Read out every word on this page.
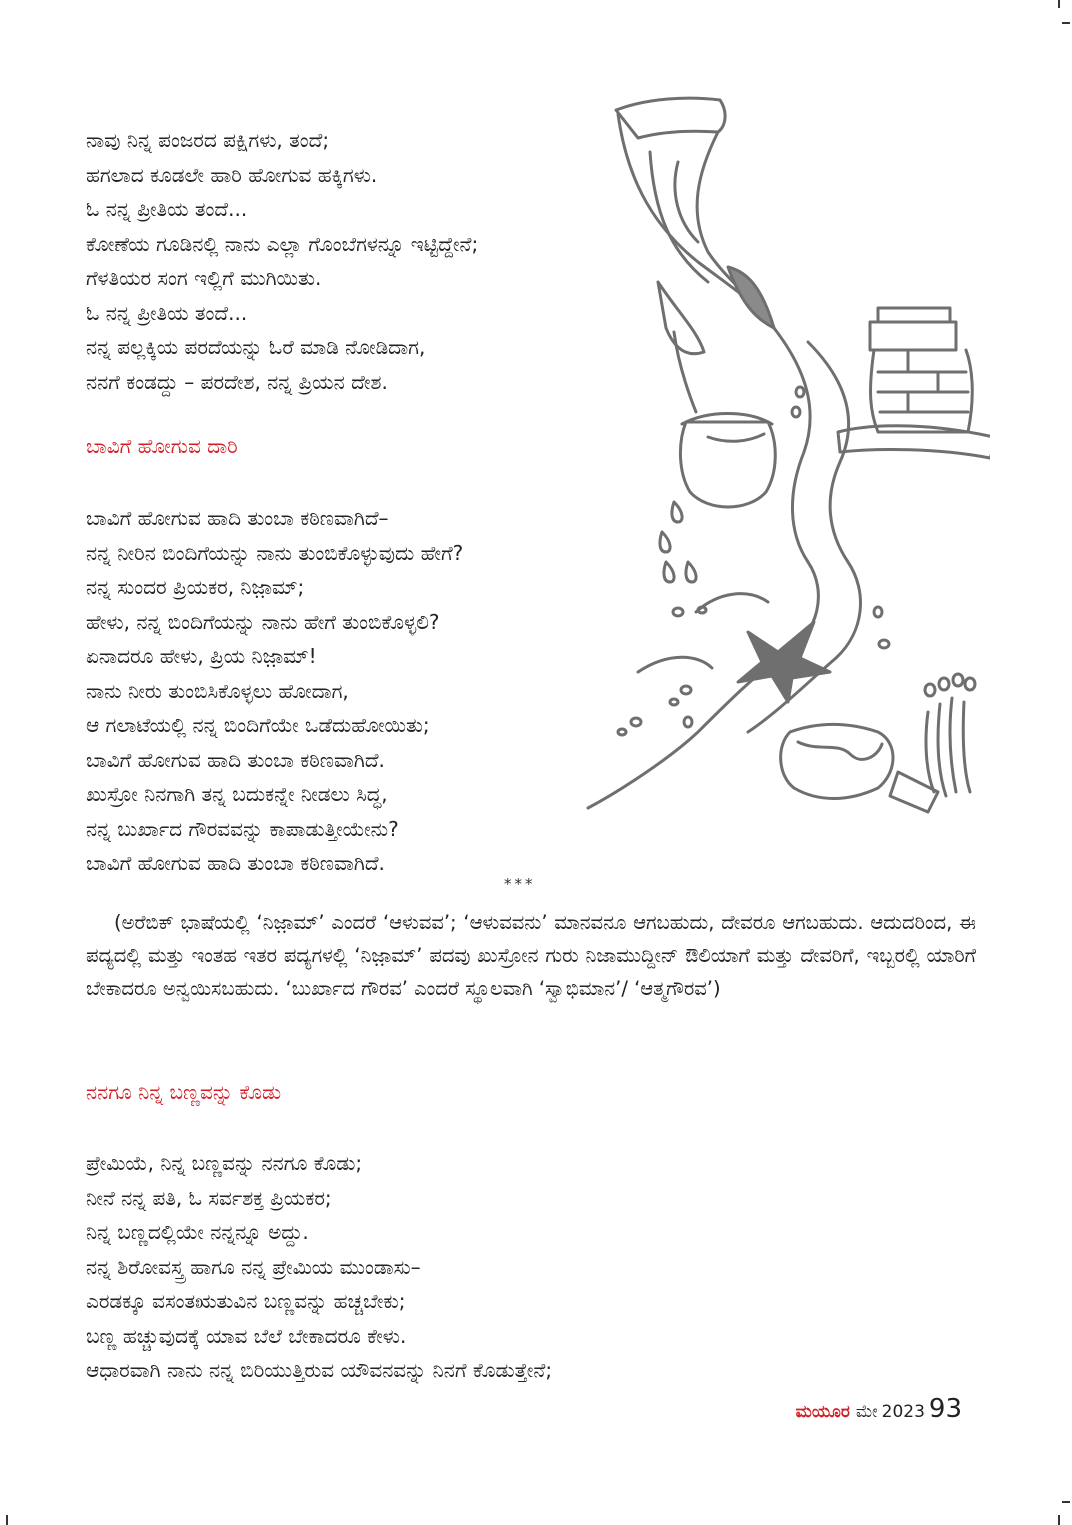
ನಾವು ನಿನ್ನ ಪಂಜರದ ಪಕ್ಷಿಗಳು, ತಂದೆ;
ಹಗಲಾದ ಕೂಡಲೇ ಹಾರಿ ಹೋಗುವ ಹಕ್ಕಿಗಳು.
ಓ ನನ್ನ ಪ್ರೀತಿಯ ತಂದೆ...
ಕೋಣೆಯ ಗೂಡಿನಲ್ಲಿ ನಾನು ಎಲ್ಲಾ ಗೊಂಬೆಗಳನ್ನೂ ಇಟ್ಟಿದ್ದೇನೆ;
ಗೆಳತಿಯರ ಸಂಗ ಇಲ್ಲಿಗೆ ಮುಗಿಯಿತು.
ಓ ನನ್ನ ಪ್ರೀತಿಯ ತಂದೆ...
ನನ್ನ ಪಲ್ಲಕ್ಕಿಯ ಪರದೆಯನ್ನು ಓರೆ ಮಾಡಿ ನೋಡಿದಾಗ,
ನನಗೆ ಕಂಡದ್ದು – ಪರದೇಶ, ನನ್ನ ಪ್ರಿಯನ ದೇಶ.
ಬಾವಿಗೆ ಹೋಗುವ ದಾರಿ
ಬಾವಿಗೆ ಹೋಗುವ ಹಾದಿ ತುಂಬಾ ಕಠಿಣವಾಗಿದೆ–
ನನ್ನ ನೀರಿನ ಬಿಂದಿಗೆಯನ್ನು ನಾನು ತುಂಬಿಕೊಳ್ಳುವುದು ಹೇಗೆ?
ನನ್ನ ಸುಂದರ ಪ್ರಿಯಕರ, ನಿಜ಼ಾಮ್;
ಹೇಳು, ನನ್ನ ಬಿಂದಿಗೆಯನ್ನು ನಾನು ಹೇಗೆ ತುಂಬಿಕೊಳ್ಳಲಿ?
ಏನಾದರೂ ಹೇಳು, ಪ್ರಿಯ ನಿಜ಼ಾಮ್!
ನಾನು ನೀರು ತುಂಬಿಸಿಕೊಳ್ಳಲು ಹೋದಾಗ,
ಆ ಗಲಾಟೆಯಲ್ಲಿ ನನ್ನ ಬಿಂದಿಗೆಯೇ ಒಡೆದುಹೋಯಿತು;
ಬಾವಿಗೆ ಹೋಗುವ ಹಾದಿ ತುಂಬಾ ಕಠಿಣವಾಗಿದೆ.
ಖುಸ್ರೋ ನಿನಗಾಗಿ ತನ್ನ ಬದುಕನ್ನೇ ನೀಡಲು ಸಿದ್ಧ,
ನನ್ನ ಬುರ್ಖಾದ ಗೌರವವನ್ನು ಕಾಪಾಡುತ್ತೀಯೇನು?
ಬಾವಿಗೆ ಹೋಗುವ ಹಾದಿ ತುಂಬಾ ಕಠಿಣವಾಗಿದೆ.
***

(ಅರೆಬಿಕ್ ಭಾಷೆಯಲ್ಲಿ ‘ನಿಜ಼ಾಮ್’ ಎಂದರೆ ‘ಆಳುವವ’; ‘ಆಳುವವನು’ ಮಾನವನೂ ಆಗಬಹುದು, ದೇವರೂ ಆಗಬಹುದು. ಆದುದರಿಂದ, ಈ ಪದ್ಯದಲ್ಲಿ ಮತ್ತು ಇಂತಹ ಇತರ ಪದ್ಯಗಳಲ್ಲಿ ‘ನಿಜ಼ಾಮ್’ ಪದವು ಖುಸ್ರೋನ ಗುರು ನಿಜಾಮುದ್ದೀನ್ ಔಲಿಯಾಗೆ ಮತ್ತು ದೇವರಿಗೆ, ಇಬ್ಬರಲ್ಲಿ ಯಾರಿಗೆ ಬೇಕಾದರೂ ಅನ್ವಯಿಸಬಹುದು. ‘ಬುರ್ಖಾದ ಗೌರವ’ ಎಂದರೆ ಸ್ಥೂಲವಾಗಿ ‘ಸ್ವಾಭಿಮಾನ’/ ‘ಆತ್ಮಗೌರವ’)

ನನಗೂ ನಿನ್ನ ಬಣ್ಣವನ್ನು ಕೊಡು
ಪ್ರೇಮಿಯೆ, ನಿನ್ನ ಬಣ್ಣವನ್ನು ನನಗೂ ಕೊಡು;
ನೀನೆ ನನ್ನ ಪತಿ, ಓ ಸರ್ವಶಕ್ತ ಪ್ರಿಯಕರ;
ನಿನ್ನ ಬಣ್ಣದಲ್ಲಿಯೇ ನನ್ನನ್ನೂ ಅದ್ದು.
ನನ್ನ ಶಿರೋವಸ್ತ್ರ ಹಾಗೂ ನನ್ನ ಪ್ರೇಮಿಯ ಮುಂಡಾಸು–
ಎರಡಕ್ಕೂ ವಸಂತಋತುವಿನ ಬಣ್ಣವನ್ನು ಹಚ್ಚಬೇಕು;
ಬಣ್ಣ ಹಚ್ಚುವುದಕ್ಕೆ ಯಾವ ಬೆಲೆ ಬೇಕಾದರೂ ಕೇಳು.
ಆಧಾರವಾಗಿ ನಾನು ನನ್ನ ಬಿರಿಯುತ್ತಿರುವ ಯೌವನವನ್ನು ನಿನಗೆ ಕೊಡುತ್ತೇನೆ;
ಮಯೂರ ಮೇ 2023 93
